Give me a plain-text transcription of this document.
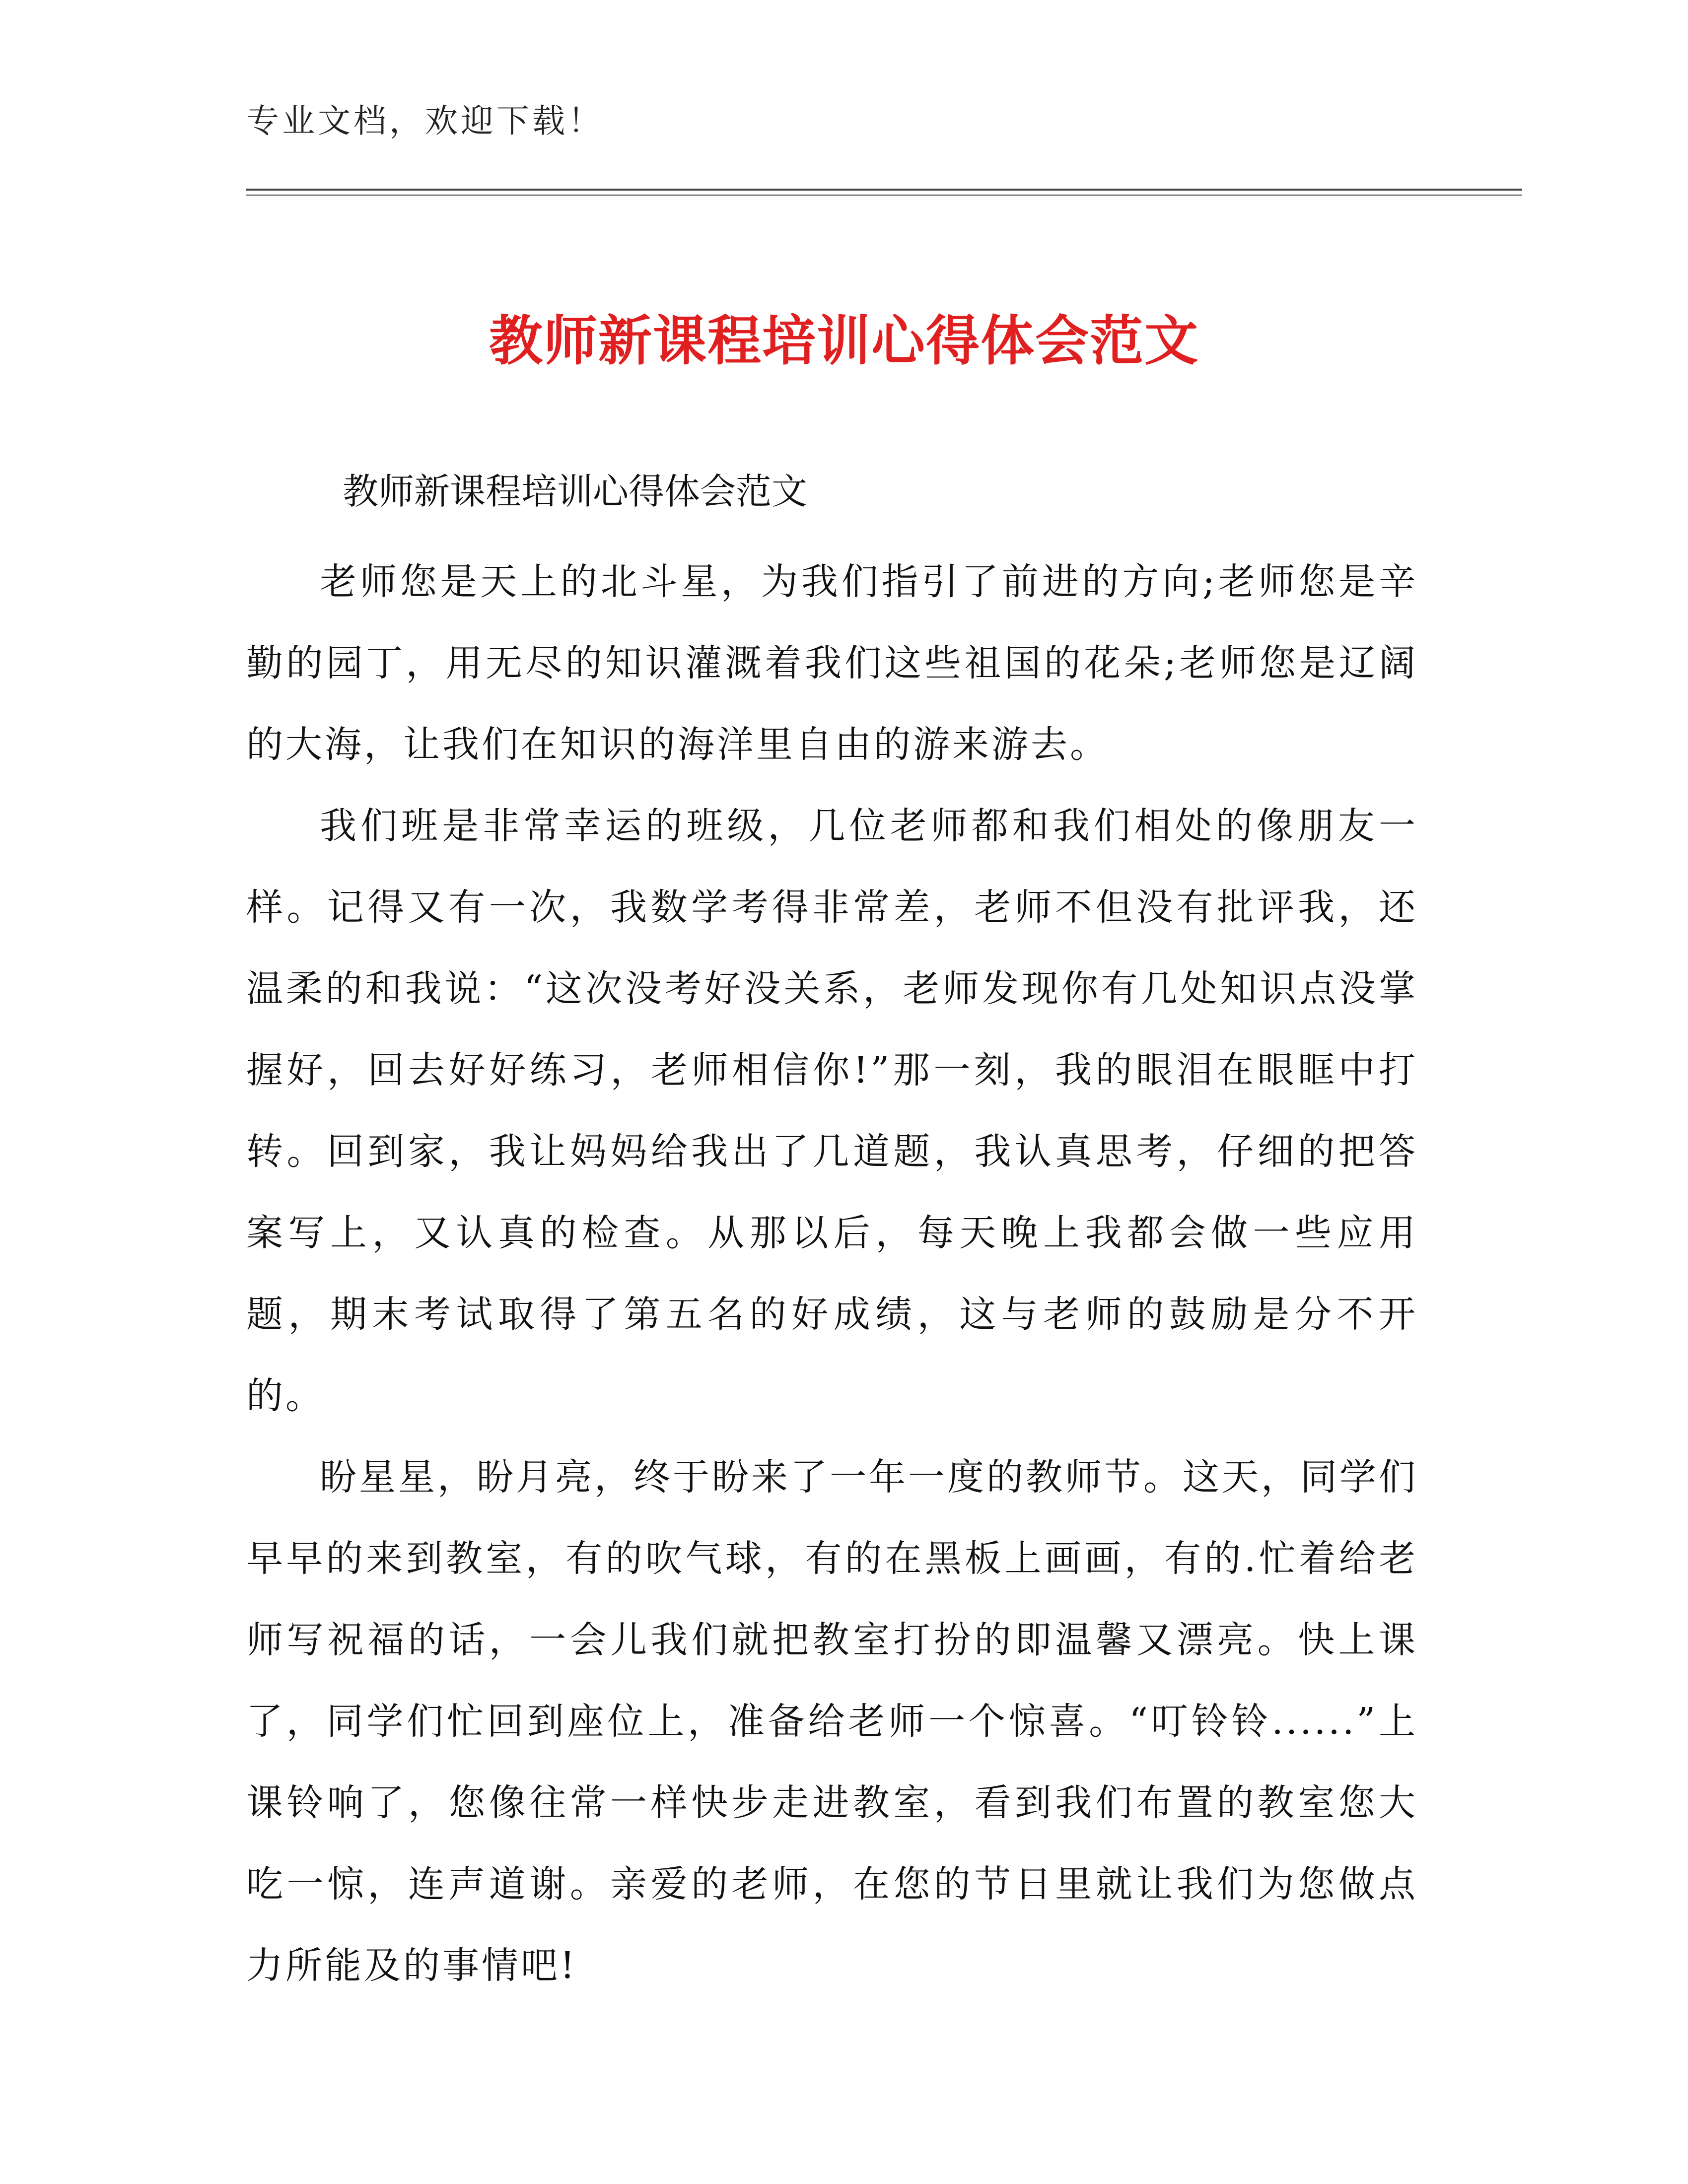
专业文档，欢迎下载！
教师新课程培训心得体会范文
教师新课程培训心得体会范文

老师您是天上的北斗星，为我们指引了前进的方向;老师您是辛勤的园丁，用无尽的知识灌溉着我们这些祖国的花朵;老师您是辽阔的大海，让我们在知识的海洋里自由的游来游去。

我们班是非常幸运的班级，几位老师都和我们相处的像朋友一样。记得又有一次，我数学考得非常差，老师不但没有批评我，还温柔的和我说：“这次没考好没关系，老师发现你有几处知识点没掌握好，回去好好练习，老师相信你!”那一刻，我的眼泪在眼眶中打转。回到家，我让妈妈给我出了几道题，我认真思考，仔细的把答案写上，又认真的检查。从那以后，每天晚上我都会做一些应用题，期末考试取得了第五名的好成绩，这与老师的鼓励是分不开的。

盼星星，盼月亮，终于盼来了一年一度的教师节。这天，同学们早早的来到教室，有的吹气球，有的在黑板上画画，有的.忙着给老师写祝福的话，一会儿我们就把教室打扮的即温馨又漂亮。快上课了，同学们忙回到座位上，准备给老师一个惊喜。“叮铃铃......”上课铃响了，您像往常一样快步走进教室，看到我们布置的教室您大吃一惊，连声道谢。亲爱的老师，在您的节日里就让我们为您做点力所能及的事情吧!
